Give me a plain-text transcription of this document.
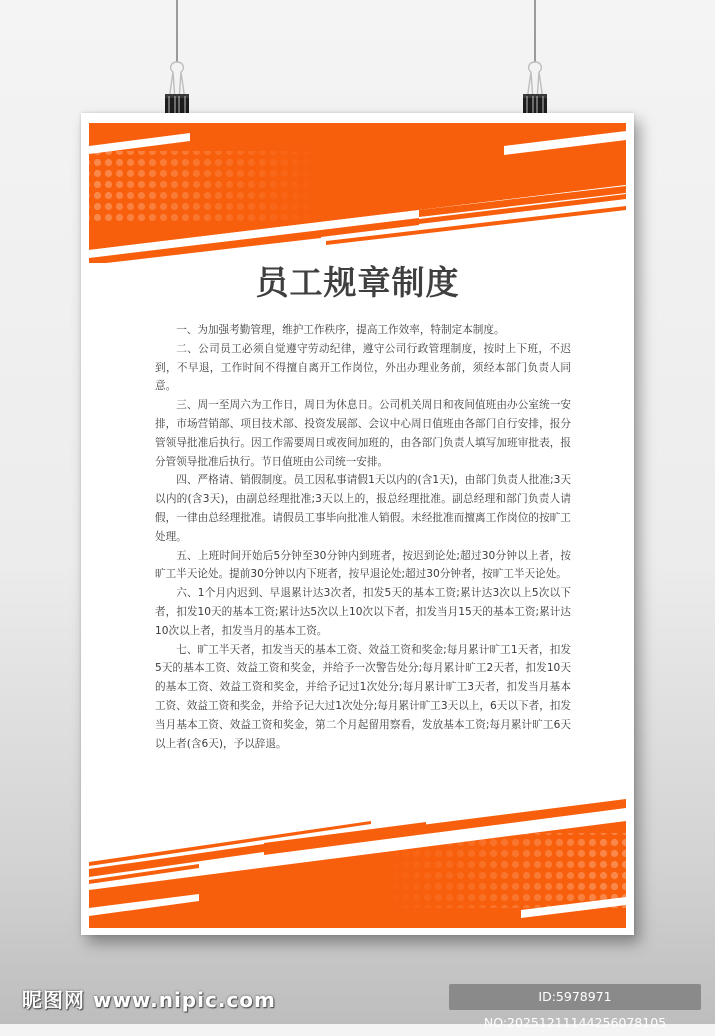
员工规章制度

一、为加强考勤管理，维护工作秩序，提高工作效率，特制定本制度。

二、公司员工必须自觉遵守劳动纪律，遵守公司行政管理制度，按时上下班，不迟到，不早退，工作时间不得擅自离开工作岗位，外出办理业务前，须经本部门负责人同意。

三、周一至周六为工作日，周日为休息日。公司机关周日和夜间值班由办公室统一安排，市场营销部、项目技术部、投资发展部、会议中心周日值班由各部门自行安排，报分管领导批准后执行。因工作需要周日或夜间加班的，由各部门负责人填写加班审批表，报分管领导批准后执行。节日值班由公司统一安排。

四、严格请、销假制度。员工因私事请假1天以内的(含1天)，由部门负责人批准;3天以内的(含3天)，由副总经理批准;3天以上的，报总经理批准。副总经理和部门负责人请假，一律由总经理批准。请假员工事毕向批准人销假。未经批准而擅离工作岗位的按旷工处理。

五、上班时间开始后5分钟至30分钟内到班者，按迟到论处;超过30分钟以上者，按旷工半天论处。提前30分钟以内下班者，按早退论处;超过30分钟者，按旷工半天论处。

六、1个月内迟到、早退累计达3次者，扣发5天的基本工资;累计达3次以上5次以下者，扣发10天的基本工资;累计达5次以上10次以下者，扣发当月15天的基本工资;累计达10次以上者，扣发当月的基本工资。

七、旷工半天者，扣发当天的基本工资、效益工资和奖金;每月累计旷工1天者，扣发5天的基本工资、效益工资和奖金，并给予一次警告处分;每月累计旷工2天者，扣发10天的基本工资、效益工资和奖金，并给予记过1次处分;每月累计旷工3天者，扣发当月基本工资、效益工资和奖金，并给予记大过1次处分;每月累计旷工3天以上，6天以下者，扣发当月基本工资、效益工资和奖金，第二个月起留用察看，发放基本工资;每月累计旷工6天以上者(含6天)，予以辞退。

昵图网 www.nipic.com	ID:5978971 NO:20251211144256078105
